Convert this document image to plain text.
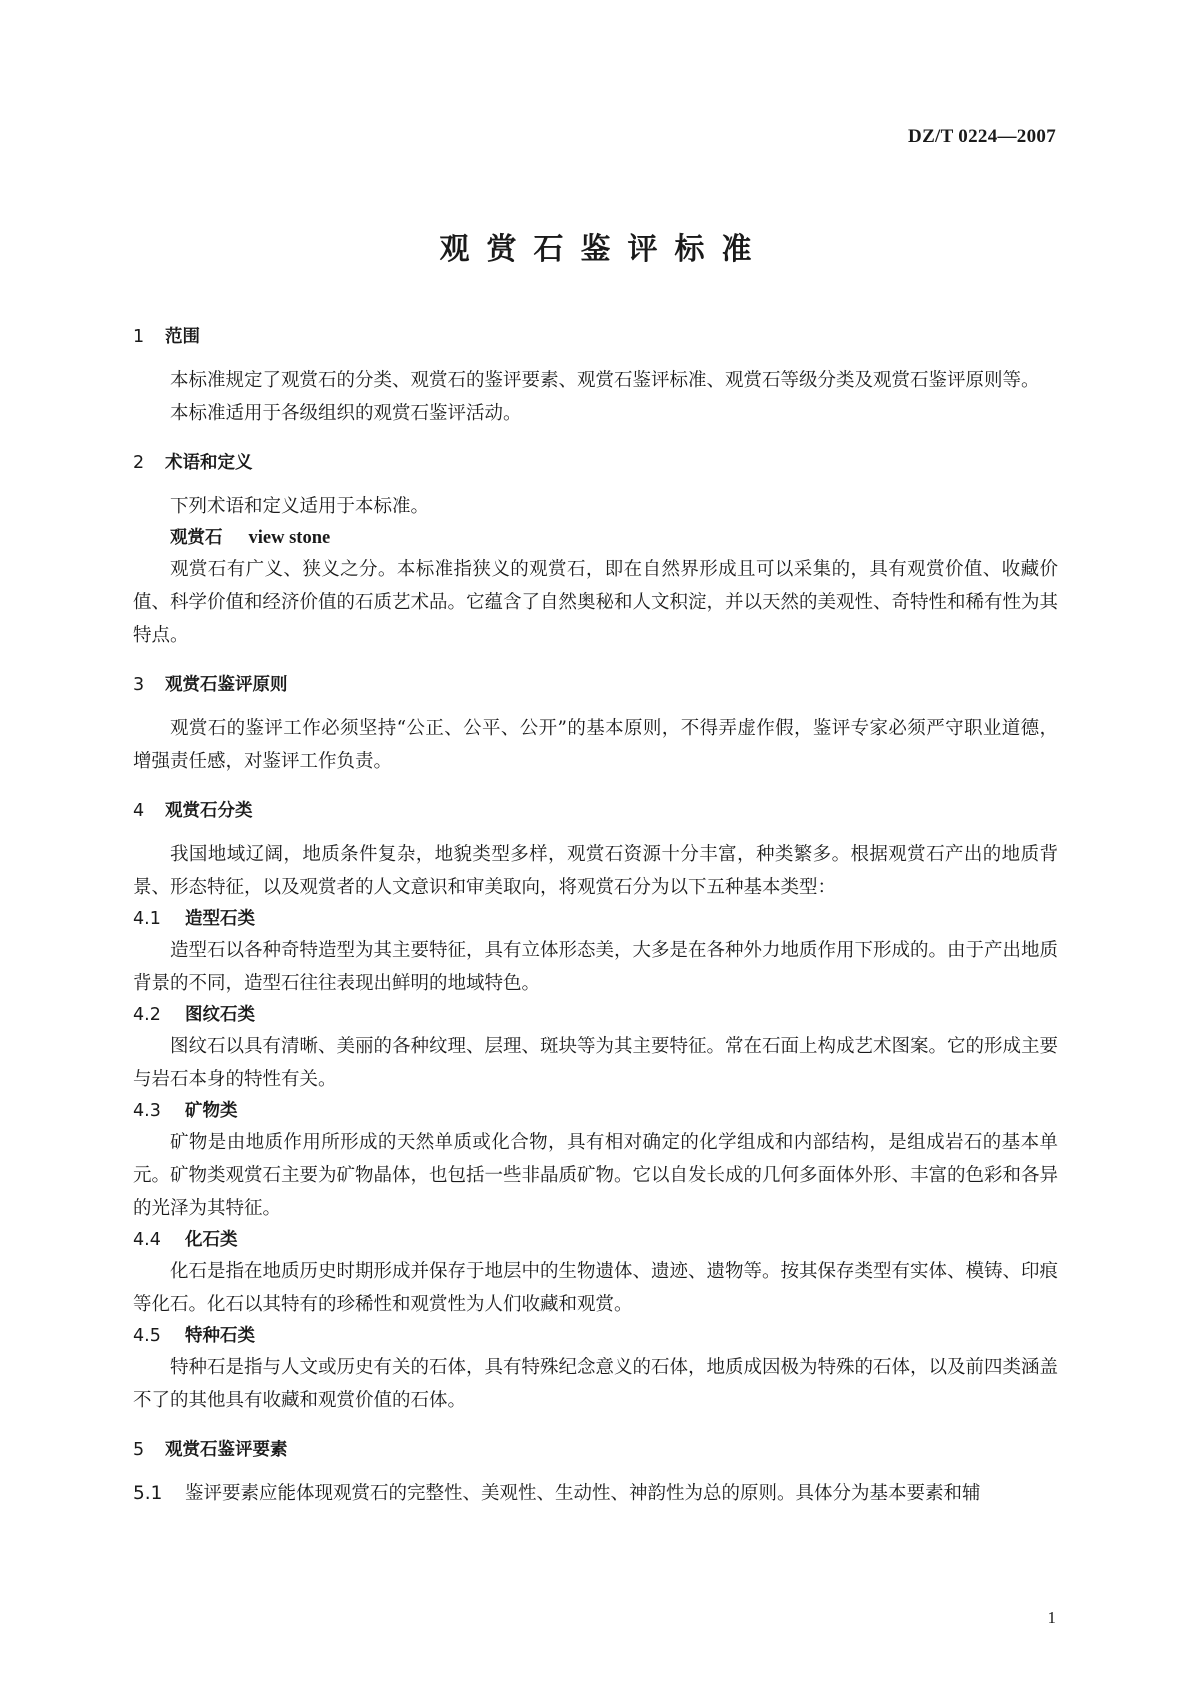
DZ/T 0224—2007
观赏石鉴评标准
1 范围
本标准规定了观赏石的分类、观赏石的鉴评要素、观赏石鉴评标准、观赏石等级分类及观赏石鉴评原则等。
本标准适用于各级组织的观赏石鉴评活动。
2 术语和定义
下列术语和定义适用于本标准。
观赏石 view stone
观赏石有广义、狭义之分。本标准指狭义的观赏石，即在自然界形成且可以采集的，具有观赏价值、收藏价值、科学价值和经济价值的石质艺术品。它蕴含了自然奥秘和人文积淀，并以天然的美观性、奇特性和稀有性为其特点。
3 观赏石鉴评原则
观赏石的鉴评工作必须坚持“公正、公平、公开”的基本原则，不得弄虚作假，鉴评专家必须严守职业道德，增强责任感，对鉴评工作负责。
4 观赏石分类
我国地域辽阔，地质条件复杂，地貌类型多样，观赏石资源十分丰富，种类繁多。根据观赏石产出的地质背景、形态特征，以及观赏者的人文意识和审美取向，将观赏石分为以下五种基本类型：
4.1 造型石类
造型石以各种奇特造型为其主要特征，具有立体形态美，大多是在各种外力地质作用下形成的。由于产出地质背景的不同，造型石往往表现出鲜明的地域特色。
4.2 图纹石类
图纹石以具有清晰、美丽的各种纹理、层理、斑块等为其主要特征。常在石面上构成艺术图案。它的形成主要与岩石本身的特性有关。
4.3 矿物类
矿物是由地质作用所形成的天然单质或化合物，具有相对确定的化学组成和内部结构，是组成岩石的基本单元。矿物类观赏石主要为矿物晶体，也包括一些非晶质矿物。它以自发长成的几何多面体外形、丰富的色彩和各异的光泽为其特征。
4.4 化石类
化石是指在地质历史时期形成并保存于地层中的生物遗体、遗迹、遗物等。按其保存类型有实体、模铸、印痕等化石。化石以其特有的珍稀性和观赏性为人们收藏和观赏。
4.5 特种石类
特种石是指与人文或历史有关的石体，具有特殊纪念意义的石体，地质成因极为特殊的石体，以及前四类涵盖不了的其他具有收藏和观赏价值的石体。
5 观赏石鉴评要素
5.1 鉴评要素应能体现观赏石的完整性、美观性、生动性、神韵性为总的原则。具体分为基本要素和辅
1
